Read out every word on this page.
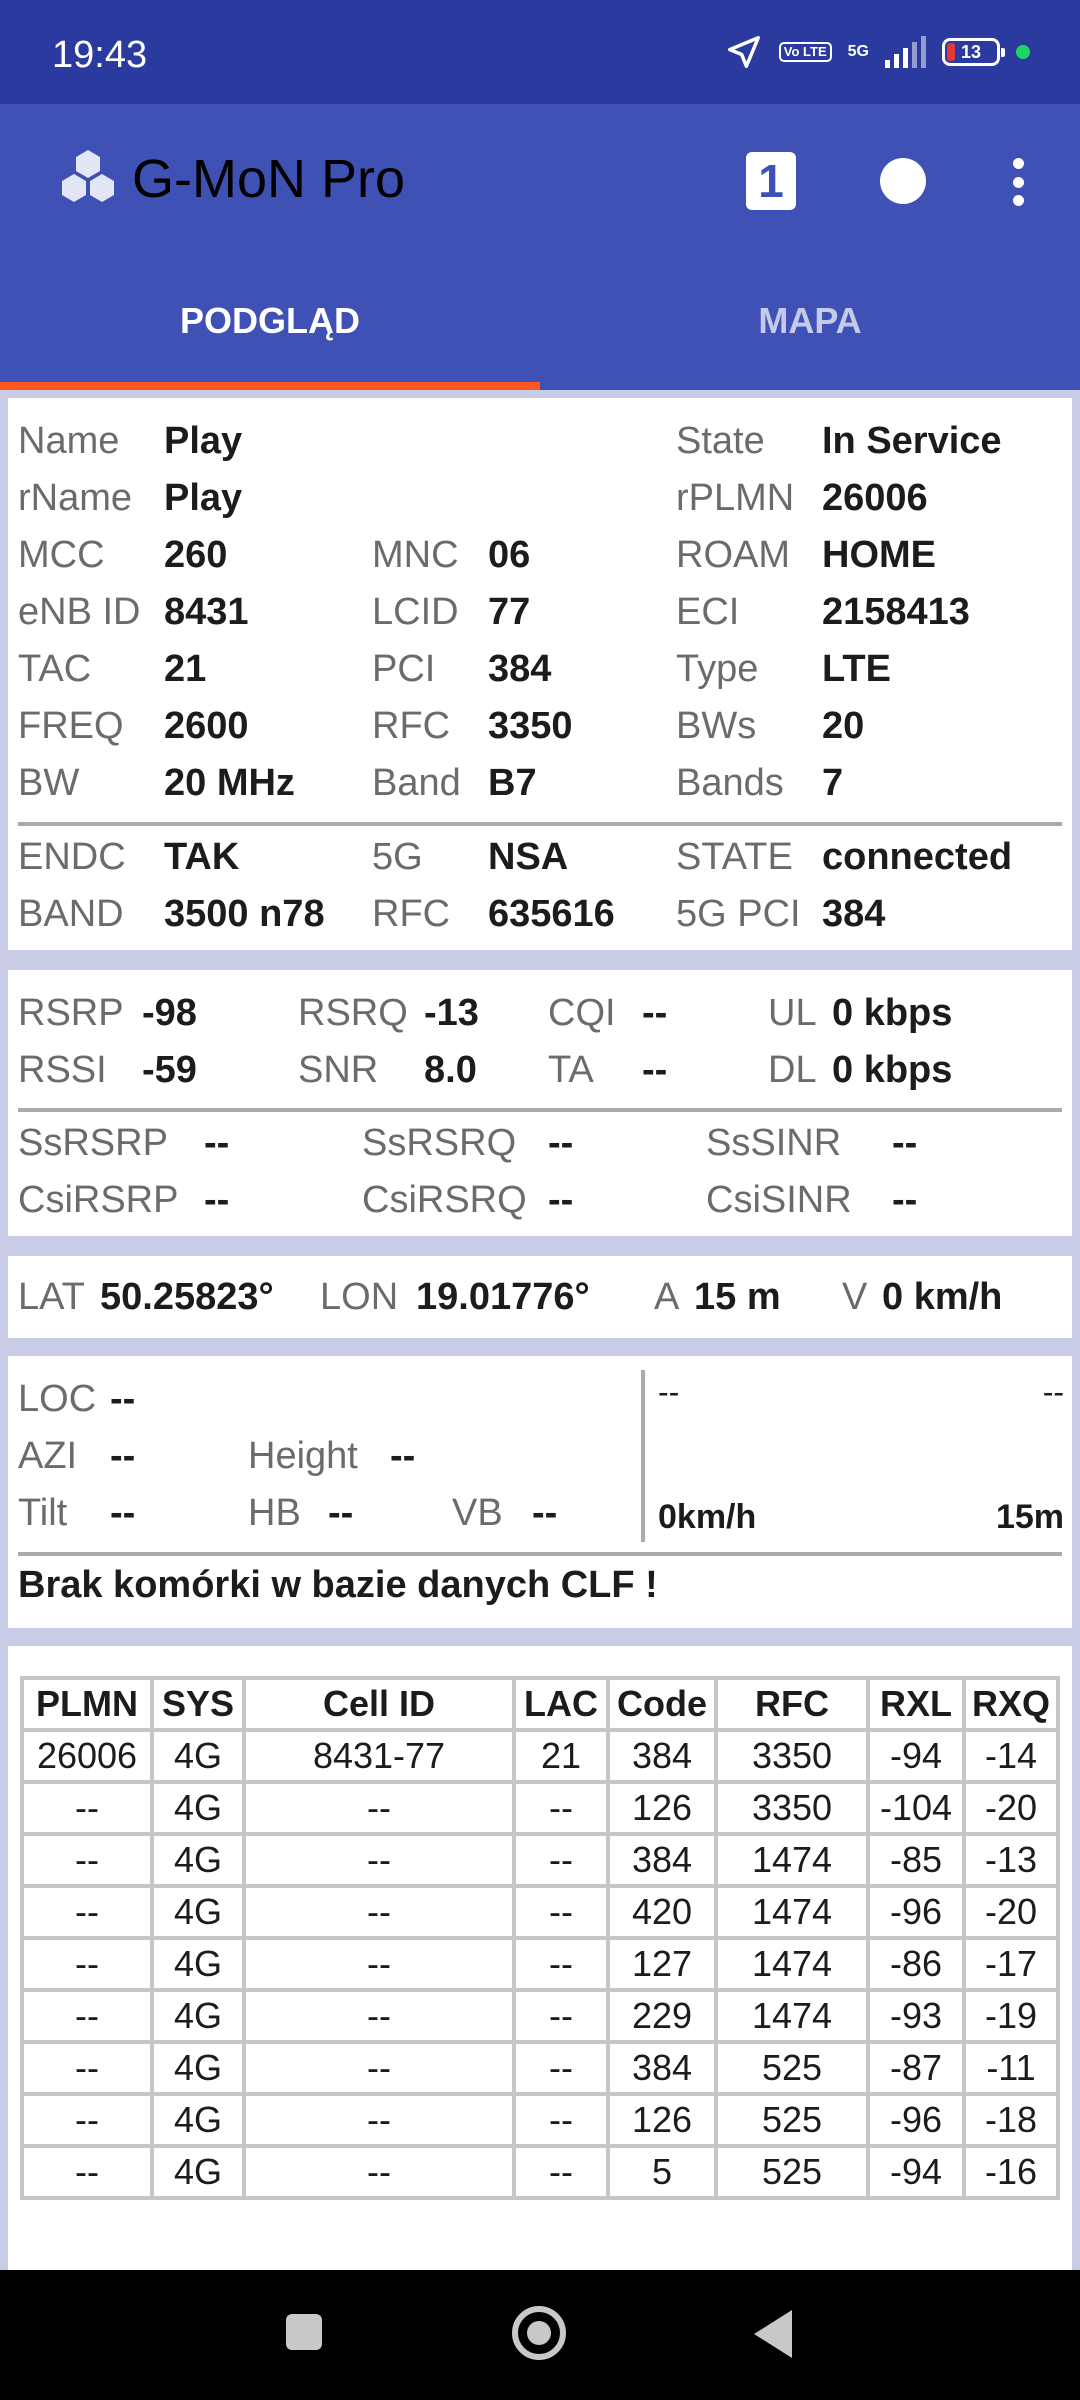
19:43	Vo LTE	5G	13
G-MoN Pro	1
PODGLĄD	MAPA
Name Play	State In Service
rName Play	rPLMN 26006
MCC 260	MNC 06	ROAM HOME
eNB ID 8431	LCID 77	ECI 2158413
TAC 21	PCI 384	Type LTE
FREQ 2600	RFC 3350	BWs 20
BW 20 MHz Band B7	Bands 7
ENDC TAK	5G NSA	STATE connected
BAND 3500 n78 RFC 635616 5G PCI 384
RSRP -98	RSRQ -13 CQI --	UL 0 kbps
RSSI -59	SNR 8.0 TA --	DL 0 kbps
SsRSRP --	SsRSRQ --	SsSINR --
CsiRSRP --	CsiRSRQ --	CsiSINR --
LAT 50.25823° LON 19.01776° A 15 m V 0 km/h
LOC --
AZI --	Height --
Tilt --	HB --	VB --
--	--
0km/h	15m
Brak komórki w bazie danych CLF !
PLMN	SYS	Cell ID	LAC	Code	RFC	RXL	RXQ
26006	4G	8431-77	21	384	3350	-94	-14
--	4G	--	--	126	3350	-104	-20
--	4G	--	--	384	1474	-85	-13
--	4G	--	--	420	1474	-96	-20
--	4G	--	--	127	1474	-86	-17
--	4G	--	--	229	1474	-93	-19
--	4G	--	--	384	525	-87	-11
--	4G	--	--	126	525	-96	-18
--	4G	--	--	5	525	-94	-16
